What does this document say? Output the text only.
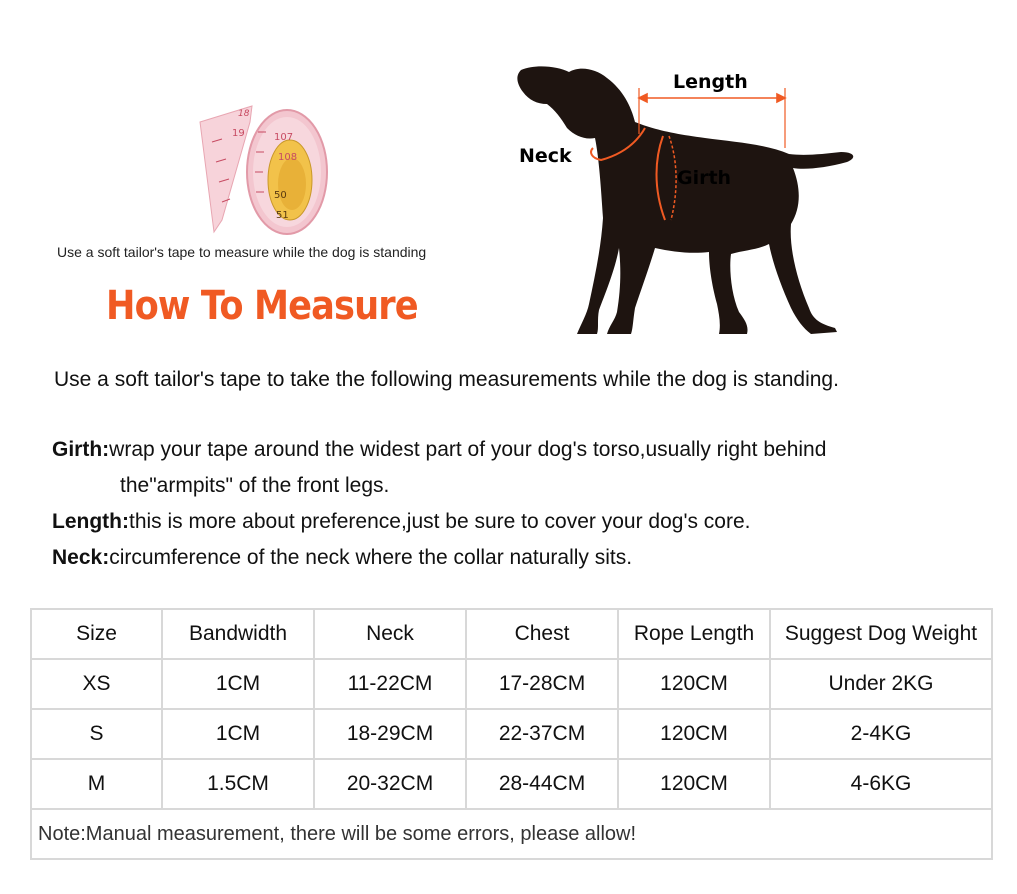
18
19	107
108
50
51
Use a soft tailor's tape to measure while the dog is standing
How To Measure
Length
Neck
Girth
Use a soft tailor's tape to take the following measurements while the dog is standing.
Girth:wrap your tape around the widest part of your dog's torso,usually right behind
the"armpits" of the front legs.
Length:this is more about preference,just be sure to cover your dog's core.
Neck:circumference of the neck where the collar naturally sits.
Size	Bandwidth	Neck	Chest	Rope Length	Suggest Dog Weight
XS	1CM	11-22CM	17-28CM	120CM	Under 2KG
S	1CM	18-29CM	22-37CM	120CM	2-4KG
M	1.5CM	20-32CM	28-44CM	120CM	4-6KG
Note:Manual measurement, there will be some errors, please allow!					
